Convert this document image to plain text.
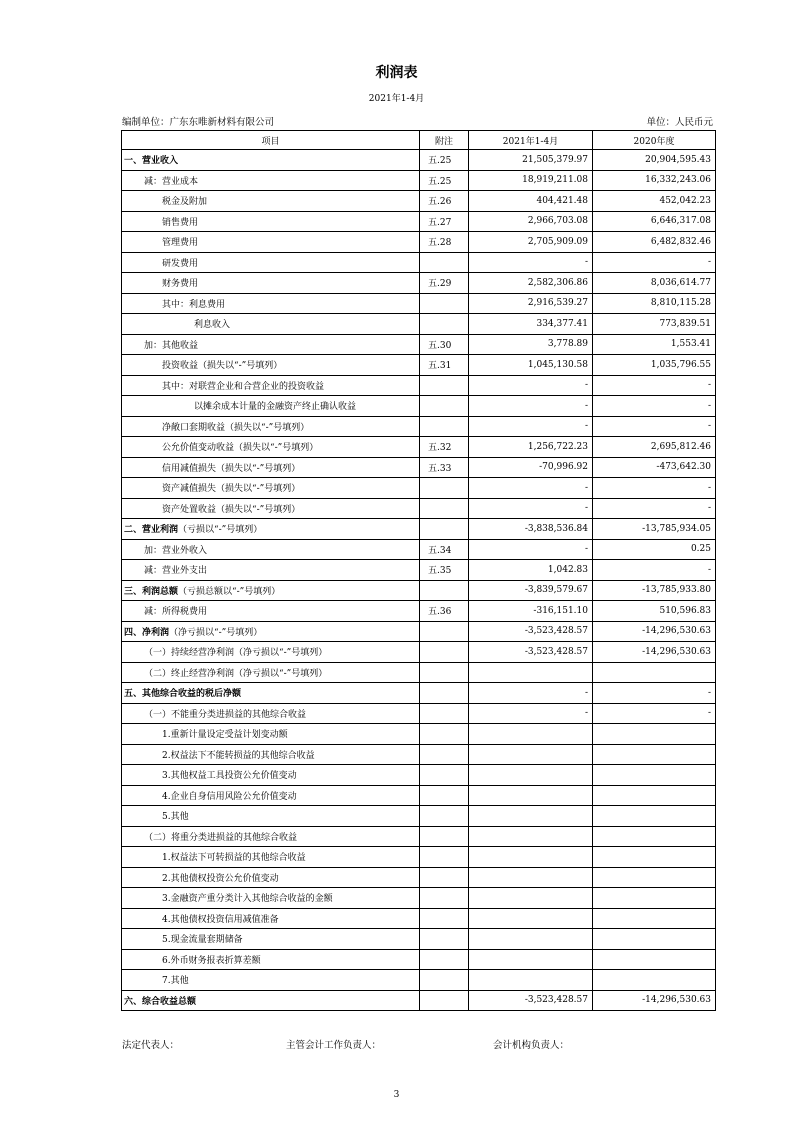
利润表
2021年1-4月
编制单位：广东东唯新材料有限公司	单位：人民币元
项目	附注	2021年1-4月	2020年度
一、营业收入	五.25	21,505,379.97	20,904,595.43
减：营业成本	五.25	18,919,211.08	16,332,243.06
税金及附加	五.26	404,421.48	452,042.23
销售费用	五.27	2,966,703.08	6,646,317.08
管理费用	五.28	2,705,909.09	6,482,832.46
研发费用		-	-
财务费用	五.29	2,582,306.86	8,036,614.77
其中：利息费用		2,916,539.27	8,810,115.28
利息收入		334,377.41	773,839.51
加：其他收益	五.30	3,778.89	1,553.41
投资收益（损失以“-”号填列）	五.31	1,045,130.58	1,035,796.55
其中：对联营企业和合营企业的投资收益		-	-
以摊余成本计量的金融资产终止确认收益		-	-
净敞口套期收益（损失以“-”号填列）		-	-
公允价值变动收益（损失以“-”号填列）	五.32	1,256,722.23	2,695,812.46
信用减值损失（损失以“-”号填列）	五.33	-70,996.92	-473,642.30
资产减值损失（损失以“-”号填列）		-	-
资产处置收益（损失以“-”号填列）		-	-
二、营业利润（亏损以“-”号填列）		-3,838,536.84	-13,785,934.05
加：营业外收入	五.34	-	0.25
减：营业外支出	五.35	1,042.83	-
三、利润总额（亏损总额以“-”号填列）		-3,839,579.67	-13,785,933.80
减：所得税费用	五.36	-316,151.10	510,596.83
四、净利润（净亏损以“-”号填列）		-3,523,428.57	-14,296,530.63
（一）持续经营净利润（净亏损以“-”号填列）		-3,523,428.57	-14,296,530.63
（二）终止经营净利润（净亏损以“-”号填列）			
五、其他综合收益的税后净额		-	-
（一）不能重分类进损益的其他综合收益		-	-
1.重新计量设定受益计划变动额			
2.权益法下不能转损益的其他综合收益			
3.其他权益工具投资公允价值变动			
4.企业自身信用风险公允价值变动			
5.其他			
（二）将重分类进损益的其他综合收益			
1.权益法下可转损益的其他综合收益			
2.其他债权投资公允价值变动			
3.金融资产重分类计入其他综合收益的金额			
4.其他债权投资信用减值准备			
5.现金流量套期储备			
6.外币财务报表折算差额			
7.其他			
六、综合收益总额		-3,523,428.57	-14,296,530.63
法定代表人：	主管会计工作负责人：	会计机构负责人：
3
